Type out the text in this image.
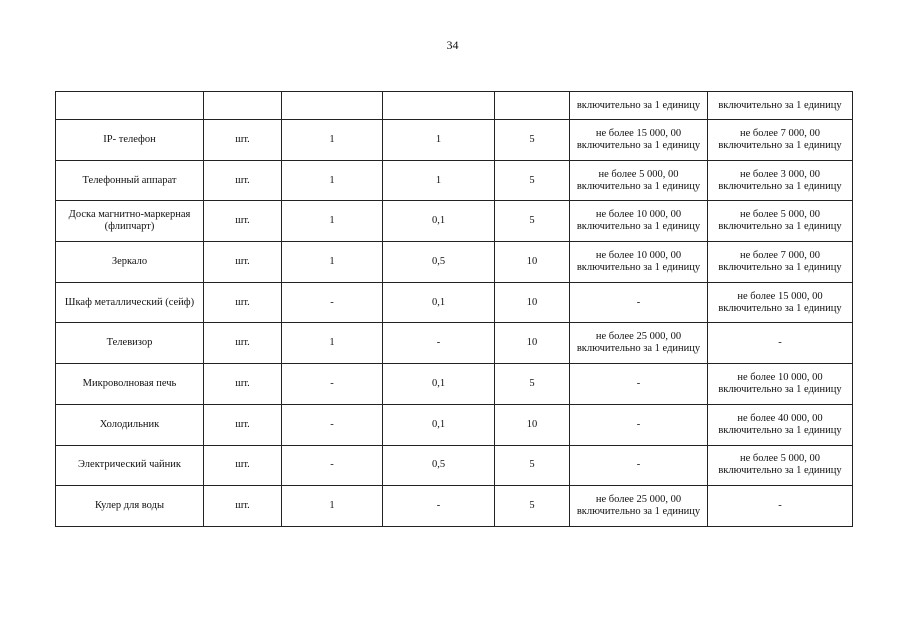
34
					включительно за 1 единицу	включительно за 1 единицу
IP- телефон	шт.	1	1	5	не более 15 000, 00 включительно за 1 единицу	не более 7 000, 00 включительно за 1 единицу
Телефонный аппарат	шт.	1	1	5	не более 5 000, 00 включительно за 1 единицу	не более 3 000, 00 включительно за 1 единицу
Доска магнитно-маркерная (флипчарт)	шт.	1	0,1	5	не более 10 000, 00 включительно за 1 единицу	не более 5 000, 00 включительно за 1 единицу
Зеркало	шт.	1	0,5	10	не более 10 000, 00 включительно за 1 единицу	не более 7 000, 00 включительно за 1 единицу
Шкаф металлический (сейф)	шт.	-	0,1	10	-	не более 15 000, 00 включительно за 1 единицу
Телевизор	шт.	1	-	10	не более 25 000, 00 включительно за 1 единицу	-
Микроволновая печь	шт.	-	0,1	5	-	не более 10 000, 00 включительно за 1 единицу
Холодильник	шт.	-	0,1	10	-	не более 40 000, 00 включительно за 1 единицу
Электрический чайник	шт.	-	0,5	5	-	не более 5 000, 00 включительно за 1 единицу
Кулер для воды	шт.	1	-	5	не более 25 000, 00 включительно за 1 единицу	-
